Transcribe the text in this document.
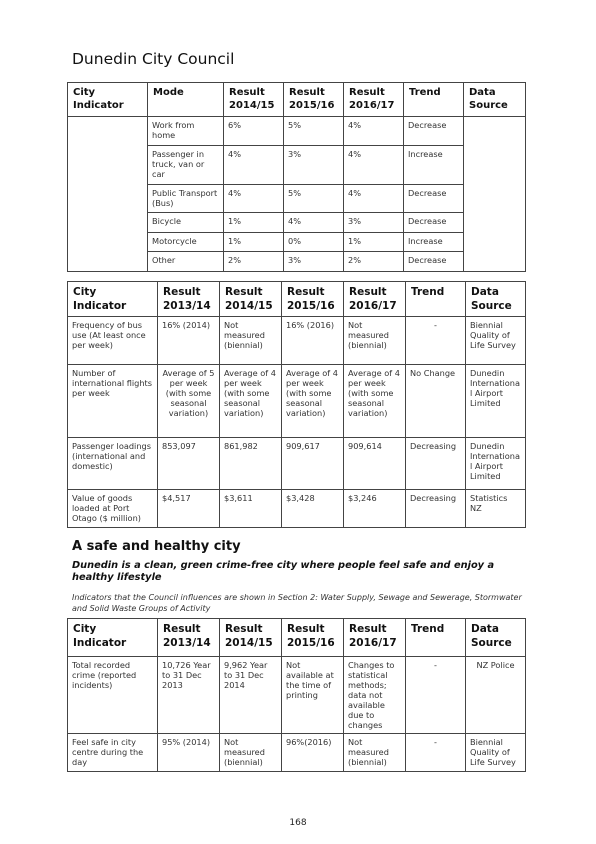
Dunedin City Council
City Indicator	Mode	Result 2014/15	Result 2015/16	Result 2016/17	Trend	Data Source
	Work from home	6%	5%	4%	Decrease	
	Passenger in truck, van or car	4%	3%	4%	Increase	
	Public Transport (Bus)	4%	5%	4%	Decrease	
	Bicycle	1%	4%	3%	Decrease	
	Motorcycle	1%	0%	1%	Increase	
	Other	2%	3%	2%	Decrease	
City Indicator	Result 2013/14	Result 2014/15	Result 2015/16	Result 2016/17	Trend	Data Source
Frequency of bus use (At least once per week)	16% (2014)	Not measured (biennial)	16% (2016)	Not measured (biennial)	-	Biennial Quality of Life Survey
Number of international flights per week	Average of 5 per week (with some seasonal variation)	Average of 4 per week (with some seasonal variation)	Average of 4 per week (with some seasonal variation)	Average of 4 per week (with some seasonal variation)	No Change	Dunedin International Airport Limited
Passenger loadings (international and domestic)	853,097	861,982	909,617	909,614	Decreasing	Dunedin International Airport Limited
Value of goods loaded at Port Otago ($ million)	$4,517	$3,611	$3,428	$3,246	Decreasing	Statistics NZ
A safe and healthy city
Dunedin is a clean, green crime-free city where people feel safe and enjoy a healthy lifestyle
Indicators that the Council influences are shown in Section 2: Water Supply, Sewage and Sewerage, Stormwater and Solid Waste Groups of Activity
City Indicator	Result 2013/14	Result 2014/15	Result 2015/16	Result 2016/17	Trend	Data Source
Total recorded crime (reported incidents)	10,726 Year to 31 Dec 2013	9,962 Year to 31 Dec 2014	Not available at the time of printing	Changes to statistical methods; data not available due to changes	-	NZ Police
Feel safe in city centre during the day	95% (2014)	Not measured (biennial)	96%(2016)	Not measured (biennial)	-	Biennial Quality of Life Survey
168
